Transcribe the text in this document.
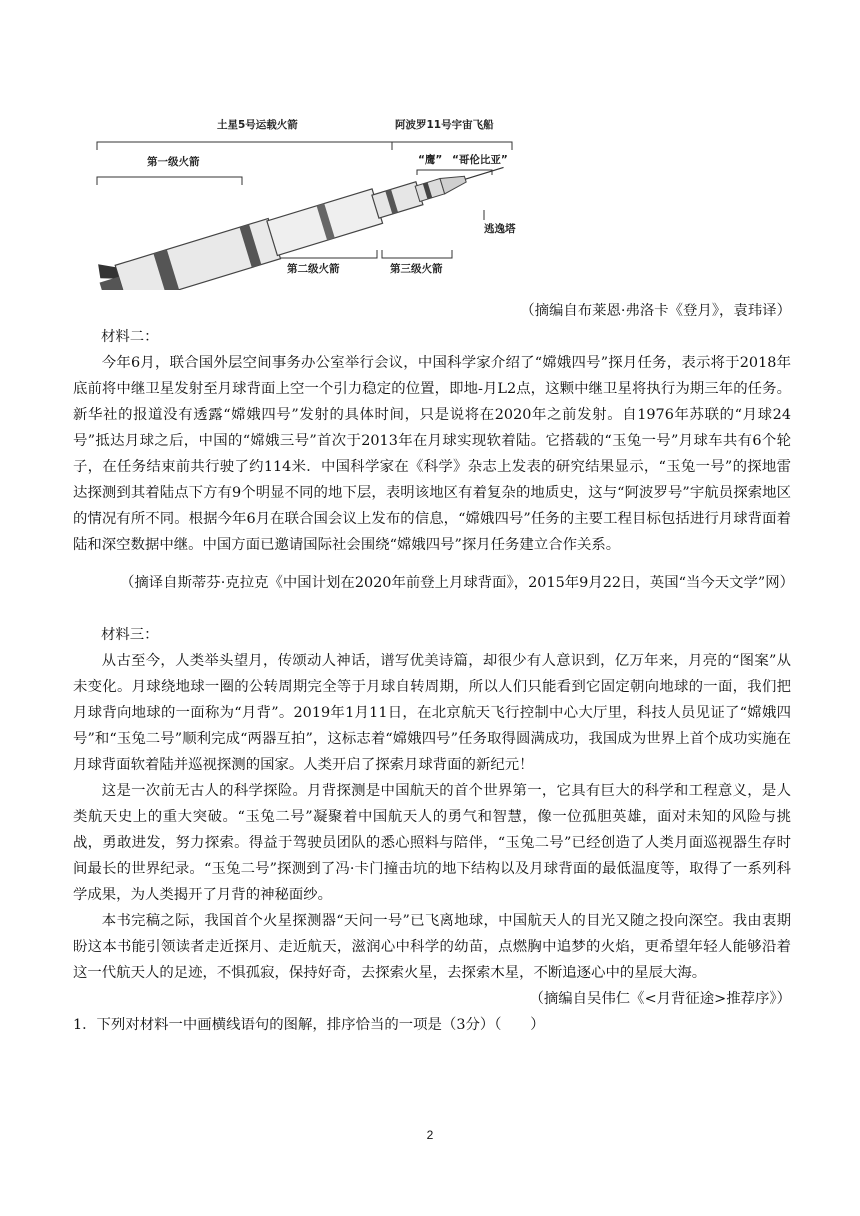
土星5号运载火箭	阿波罗11号宇宙飞船
第一级火箭	“鹰” “哥伦比亚”
逃逸塔
第二级火箭	第三级火箭
（摘编自布莱恩·弗洛卡《登月》，袁玮译）
材料二：
今年6月，联合国外层空间事务办公室举行会议，中国科学家介绍了“嫦娥四号”探月任务，表示将于2018年底前将中继卫星发射至月球背面上空一个引力稳定的位置，即地-月L2点，这颗中继卫星将执行为期三年的任务。新华社的报道没有透露“嫦娥四号”发射的具体时间，只是说将在2020年之前发射。自1976年苏联的“月球24号”抵达月球之后，中国的“嫦娥三号”首次于2013年在月球实现软着陆。它搭载的“玉兔一号”月球车共有6个轮子，在任务结束前共行驶了约114米．中国科学家在《科学》杂志上发表的研究结果显示，“玉兔一号”的探地雷达探测到其着陆点下方有9个明显不同的地下层，表明该地区有着复杂的地质史，这与“阿波罗号”宇航员探索地区的情况有所不同。根据今年6月在联合国会议上发布的信息，“嫦娥四号”任务的主要工程目标包括进行月球背面着陆和深空数据中继。中国方面已邀请国际社会围绕“嫦娥四号”探月任务建立合作关系。
（摘译自斯蒂芬·克拉克《中国计划在2020年前登上月球背面》，2015年9月22日，英国“当今天文学”网）
材料三：
从古至今，人类举头望月，传颂动人神话，谱写优美诗篇，却很少有人意识到，亿万年来，月亮的“图案”从未变化。月球绕地球一圈的公转周期完全等于月球自转周期，所以人们只能看到它固定朝向地球的一面，我们把月球背向地球的一面称为“月背”。2019年1月11日，在北京航天飞行控制中心大厅里，科技人员见证了“嫦娥四号”和“玉兔二号”顺利完成“两器互拍”，这标志着“嫦娥四号”任务取得圆满成功，我国成为世界上首个成功实施在月球背面软着陆并巡视探测的国家。人类开启了探索月球背面的新纪元！
这是一次前无古人的科学探险。月背探测是中国航天的首个世界第一，它具有巨大的科学和工程意义，是人类航天史上的重大突破。“玉兔二号”凝聚着中国航天人的勇气和智慧，像一位孤胆英雄，面对未知的风险与挑战，勇敢进发，努力探索。得益于驾驶员团队的悉心照料与陪伴，“玉兔二号”已经创造了人类月面巡视器生存时间最长的世界纪录。“玉兔二号”探测到了冯·卡门撞击坑的地下结构以及月球背面的最低温度等，取得了一系列科学成果，为人类揭开了月背的神秘面纱。
本书完稿之际，我国首个火星探测器“天问一号”已飞离地球，中国航天人的目光又随之投向深空。我由衷期盼这本书能引领读者走近探月、走近航天，滋润心中科学的幼苗，点燃胸中追梦的火焰，更希望年轻人能够沿着这一代航天人的足迹，不惧孤寂，保持好奇，去探索火星，去探索木星，不断追逐心中的星辰大海。
（摘编自吴伟仁《<月背征途>推荐序》）
1．下列对材料一中画横线语句的图解，排序恰当的一项是（3分）（　　）
2
